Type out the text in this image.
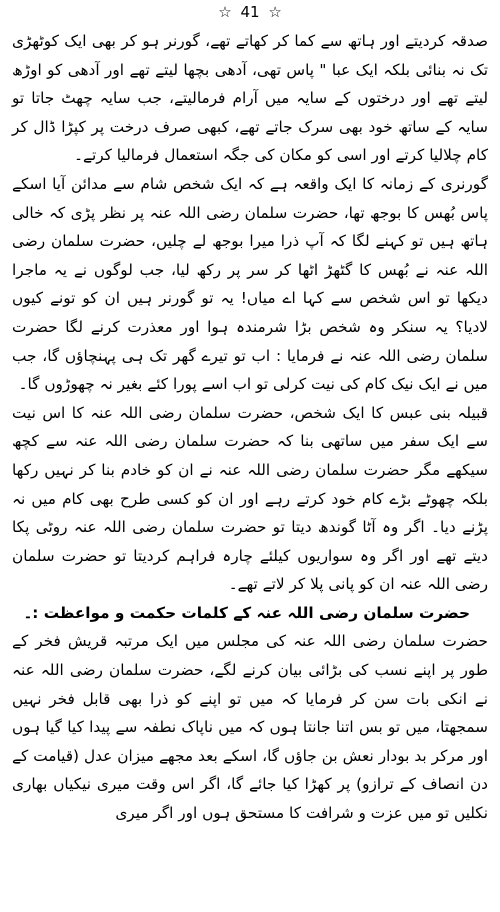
☆ 41 ☆

صدقہ کردیتے اور ہاتھ سے کما کر کھاتے تھے، گورنر ہو کر بھی ایک کوٹھڑی تک نہ بنائی بلکہ ایک عبا " پاس تھی، آدھی بچھا لیتے تھے اور آدھی کو اوڑھ لیتے تھے اور درختوں کے سایہ میں آرام فرمالیتے، جب سایہ چھٹ جاتا تو سایہ کے ساتھ خود بھی سرک جاتے تھے، کبھی صرف درخت پر کپڑا ڈال کر کام چلالیا کرتے اور اسی کو مکان کی جگہ استعمال فرمالیا کرتے۔

گورنری کے زمانہ کا ایک واقعہ ہے کہ ایک شخص شام سے مدائن آیا اسکے پاس بُھس کا بوجھ تھا، حضرت سلمان رضی اللہ عنہ پر نظر پڑی کہ خالی ہاتھ ہیں تو کہنے لگا کہ آپ ذرا میرا بوجھ لے چلیں، حضرت سلمان رضی اللہ عنہ نے بُھس کا گٹھڑ اٹھا کر سر پر رکھ لیا، جب لوگوں نے یہ ماجرا دیکھا تو اس شخص سے کہا اے میاں! یہ تو گورنر ہیں ان کو تونے کیوں لادیا؟ یہ سنکر وہ شخص بڑا شرمندہ ہوا اور معذرت کرنے لگا حضرت سلمان رضی اللہ عنہ نے فرمایا : اب تو تیرے گھر تک ہی پہنچاؤں گا، جب میں نے ایک نیک کام کی نیت کرلی تو اب اسے پورا کئے بغیر نہ چھوڑوں گا۔

قبیلہ بنی عبس کا ایک شخص، حضرت سلمان رضی اللہ عنہ کا اس نیت سے ایک سفر میں ساتھی بنا کہ حضرت سلمان رضی اللہ عنہ سے کچھ سیکھے مگر حضرت سلمان رضی اللہ عنہ نے ان کو خادم بنا کر نہیں رکھا بلکہ چھوٹے بڑے کام خود کرتے رہے اور ان کو کسی طرح بھی کام میں نہ پڑنے دیا۔ اگر وہ آٹا گوندھ دیتا تو حضرت سلمان رضی اللہ عنہ روٹی پکا دیتے تھے اور اگر وہ سواریوں کیلئے چارہ فراہم کردیتا تو حضرت سلمان رضی اللہ عنہ ان کو پانی پلا کر لاتے تھے۔

حضرت سلمان رضی اللہ عنہ کے کلمات حکمت و مواعظت :۔

حضرت سلمان رضی اللہ عنہ کی مجلس میں ایک مرتبہ قریش فخر کے طور پر اپنے نسب کی بڑائی بیان کرنے لگے، حضرت سلمان رضی اللہ عنہ نے انکی بات سن کر فرمایا کہ میں تو اپنے کو ذرا بھی قابل فخر نہیں سمجھتا، میں تو بس اتنا جانتا ہوں کہ میں ناپاک نطفہ سے پیدا کیا گیا ہوں اور مرکر بد بودار نعش بن جاؤں گا، اسکے بعد مجھے میزان عدل (قیامت کے دن انصاف کے ترازو) پر کھڑا کیا جائے گا، اگر اس وقت میری نیکیاں بھاری نکلیں تو میں عزت و شرافت کا مستحق ہوں اور اگر میری
